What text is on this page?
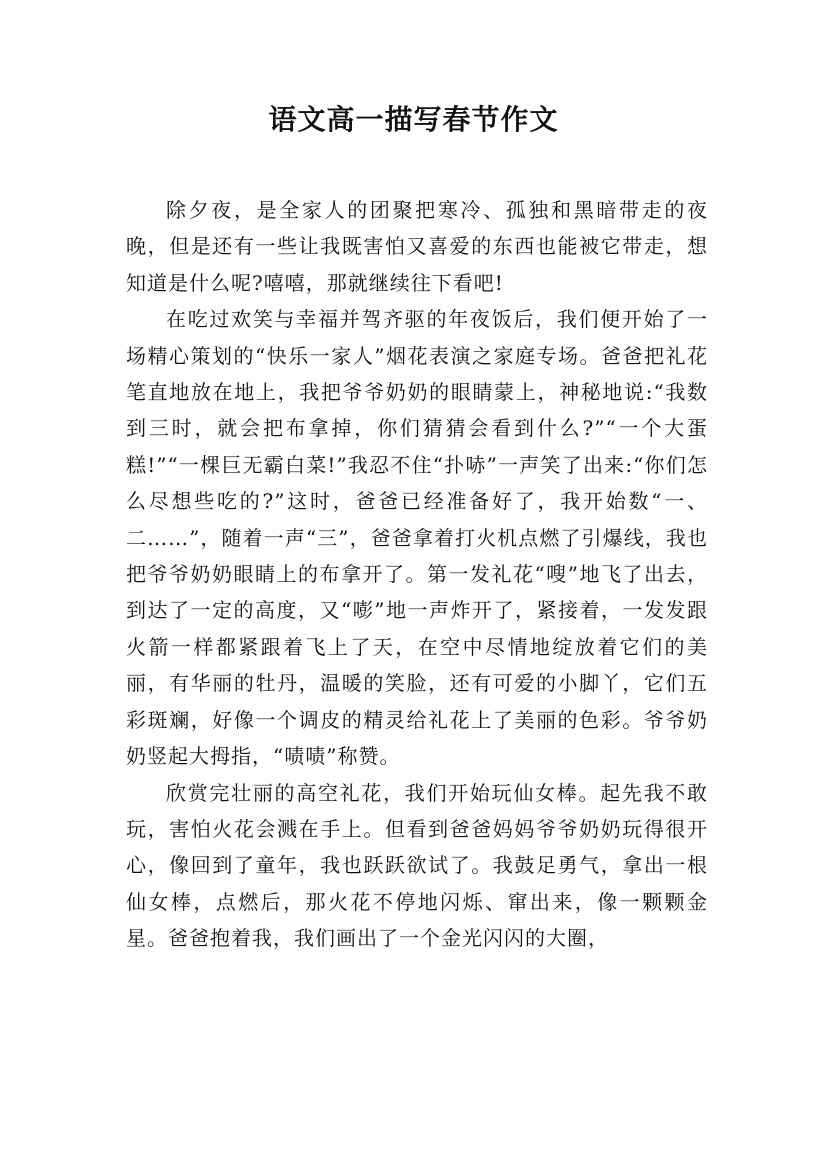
语文高一描写春节作文

除夕夜，是全家人的团聚把寒冷、孤独和黑暗带走的夜晚，但是还有一些让我既害怕又喜爱的东西也能被它带走，想知道是什么呢?嘻嘻，那就继续往下看吧!

在吃过欢笑与幸福并驾齐驱的年夜饭后，我们便开始了一场精心策划的“快乐一家人”烟花表演之家庭专场。爸爸把礼花笔直地放在地上，我把爷爷奶奶的眼睛蒙上，神秘地说:“我数到三时，就会把布拿掉，你们猜猜会看到什么?”“一个大蛋糕!”“一棵巨无霸白菜!”我忍不住“扑哧”一声笑了出来:“你们怎么尽想些吃的?”这时，爸爸已经准备好了，我开始数“一、二……”，随着一声“三”，爸爸拿着打火机点燃了引爆线，我也把爷爷奶奶眼睛上的布拿开了。第一发礼花“嗖”地飞了出去，到达了一定的高度，又“嘭”地一声炸开了，紧接着，一发发跟火箭一样都紧跟着飞上了天，在空中尽情地绽放着它们的美丽，有华丽的牡丹，温暖的笑脸，还有可爱的小脚丫，它们五彩斑斓，好像一个调皮的精灵给礼花上了美丽的色彩。爷爷奶奶竖起大拇指，“啧啧”称赞。

欣赏完壮丽的高空礼花，我们开始玩仙女棒。起先我不敢玩，害怕火花会溅在手上。但看到爸爸妈妈爷爷奶奶玩得很开心，像回到了童年，我也跃跃欲试了。我鼓足勇气，拿出一根仙女棒，点燃后，那火花不停地闪烁、窜出来，像一颗颗金星。爸爸抱着我，我们画出了一个金光闪闪的大圈，
